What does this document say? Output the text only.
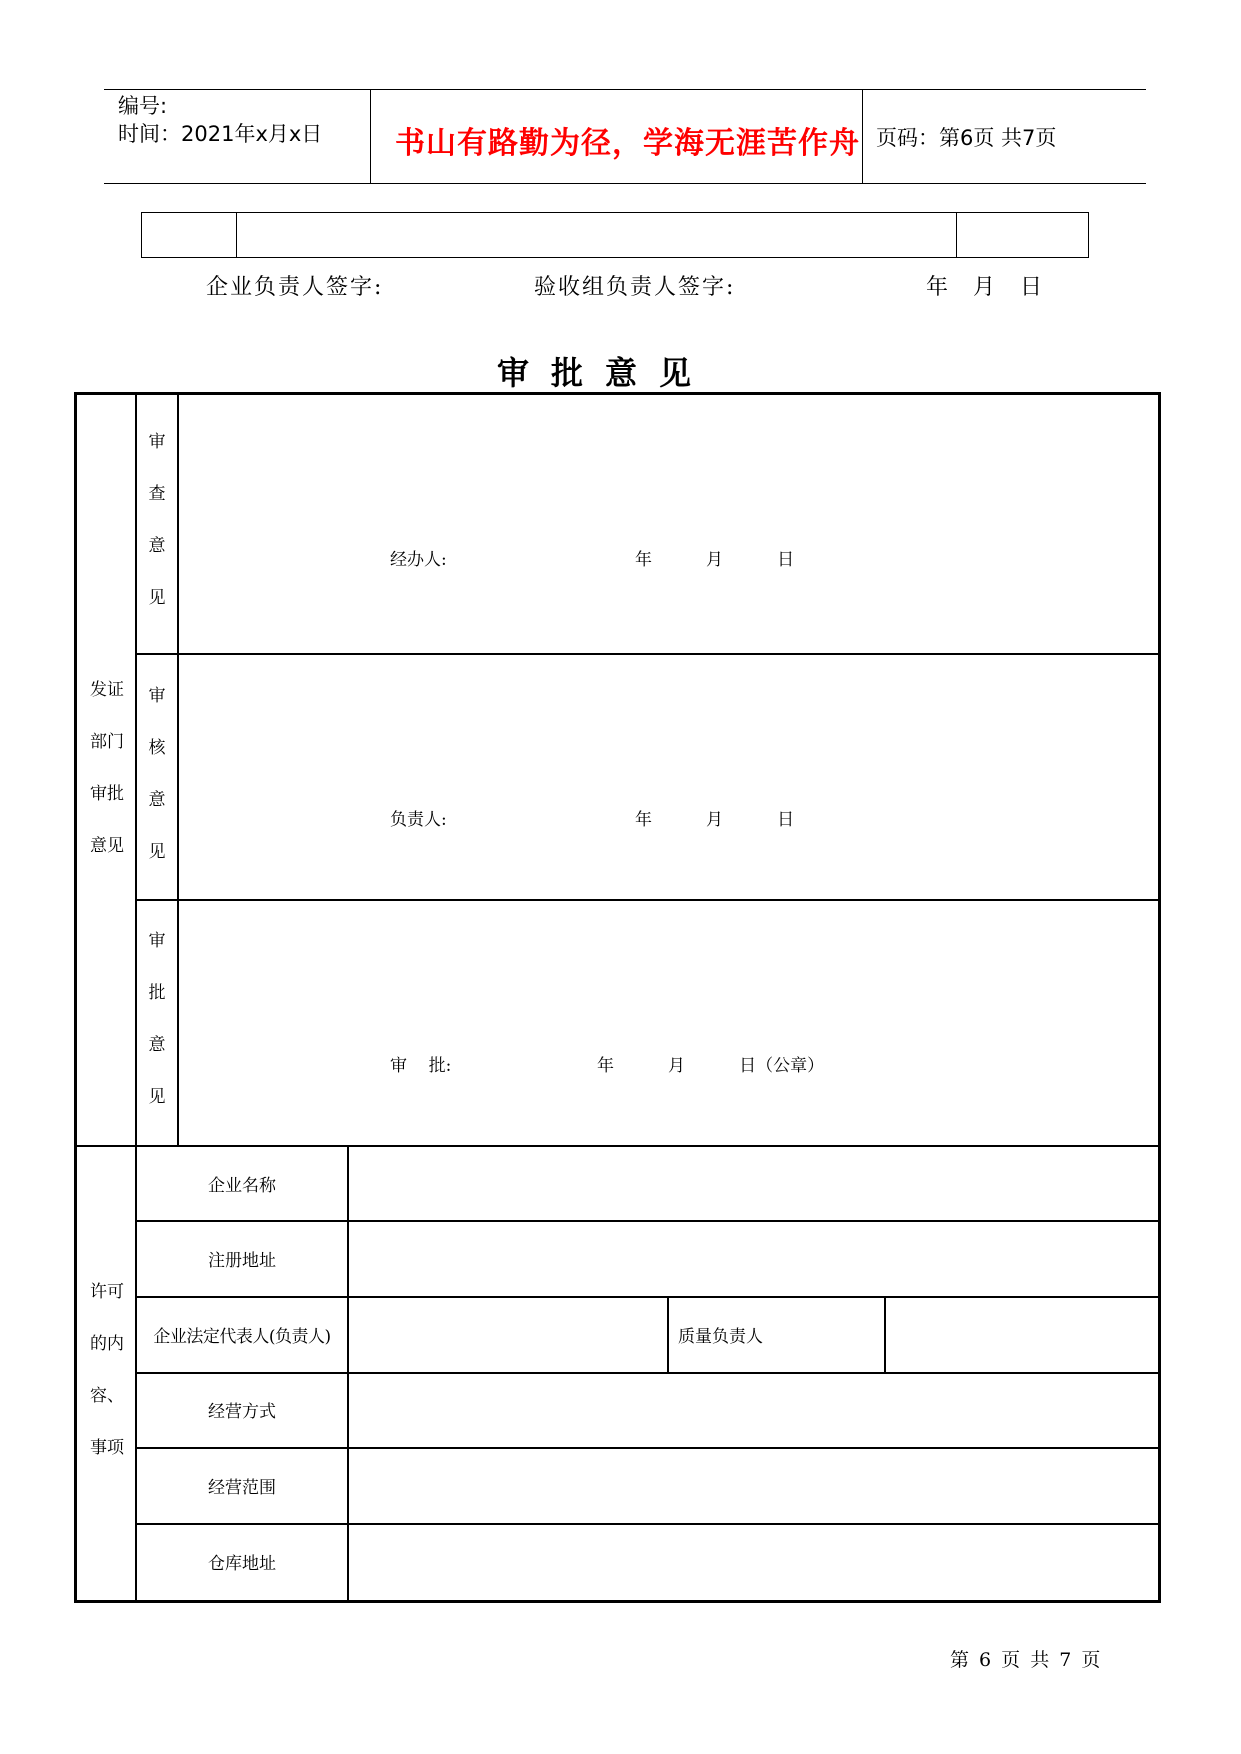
编号:
时间：2021年x月x日 书山有路勤为径，学海无涯苦作舟 页码：第6页 共7页
企业负责人签字:	验收组负责人签字:	年 月 日
审批意见
发证
部门
审批
意见
审
查
意
见
经办人:	年          月          日
审
核
意
见
负责人:	年          月          日
审
批
意
见
审    批:	年          月          日（公章）
许可
的内
容、
事项
企业名称
注册地址
企业法定代表人(负责人)	质量负责人
经营方式
经营范围
仓库地址
第 6 页 共 7 页
